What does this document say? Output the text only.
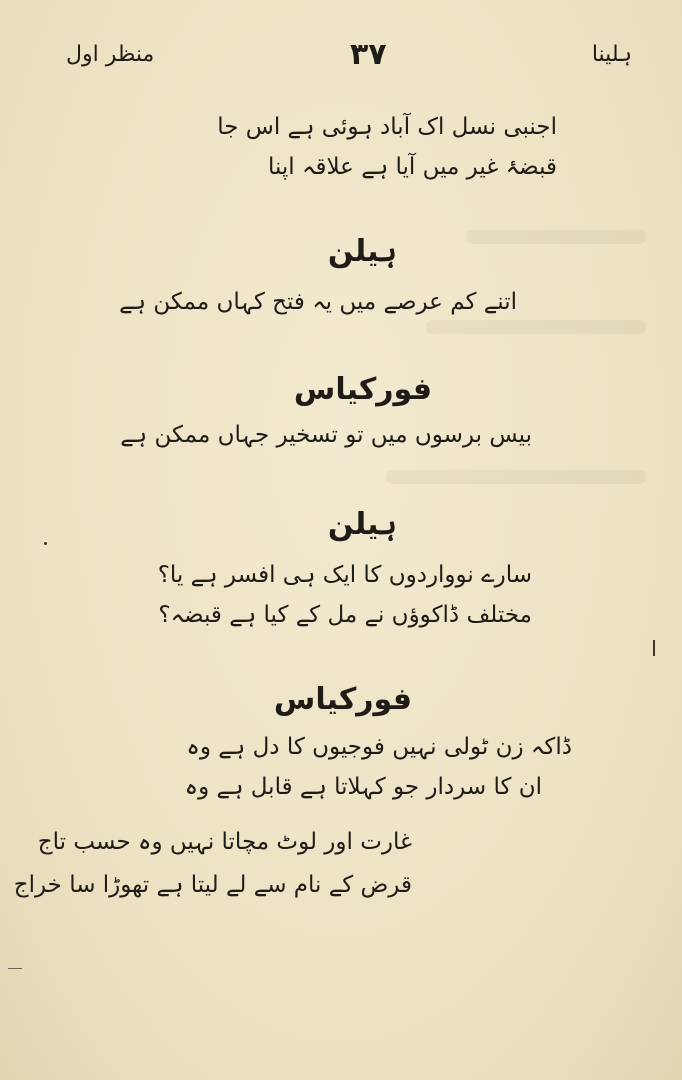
منظر اول	۳۷	ہلینا
اجنبی نسل اک آباد ہوئی ہے اس جا
قبضۂ غیر میں آیا ہے علاقہ اپنا
ہیلن
اتنے کم عرصے میں یہ فتح کہاں ممکن ہے
فورکیاس
بیس برسوں میں تو تسخیر جہاں ممکن ہے
ہیلن
سارے نوواردوں کا ایک ہی افسر ہے یا؟
مختلف ڈاکوؤں نے مل کے کیا ہے قبضہ؟
فورکیاس
ڈاکہ زن ٹولی نہیں فوجیوں کا دل ہے وہ
ان کا سردار جو کہلاتا ہے قابل ہے وہ
غارت اور لوٹ مچاتا نہیں وہ حسب تاج
قرض کے نام سے لے لیتا ہے تھوڑا سا خراج
